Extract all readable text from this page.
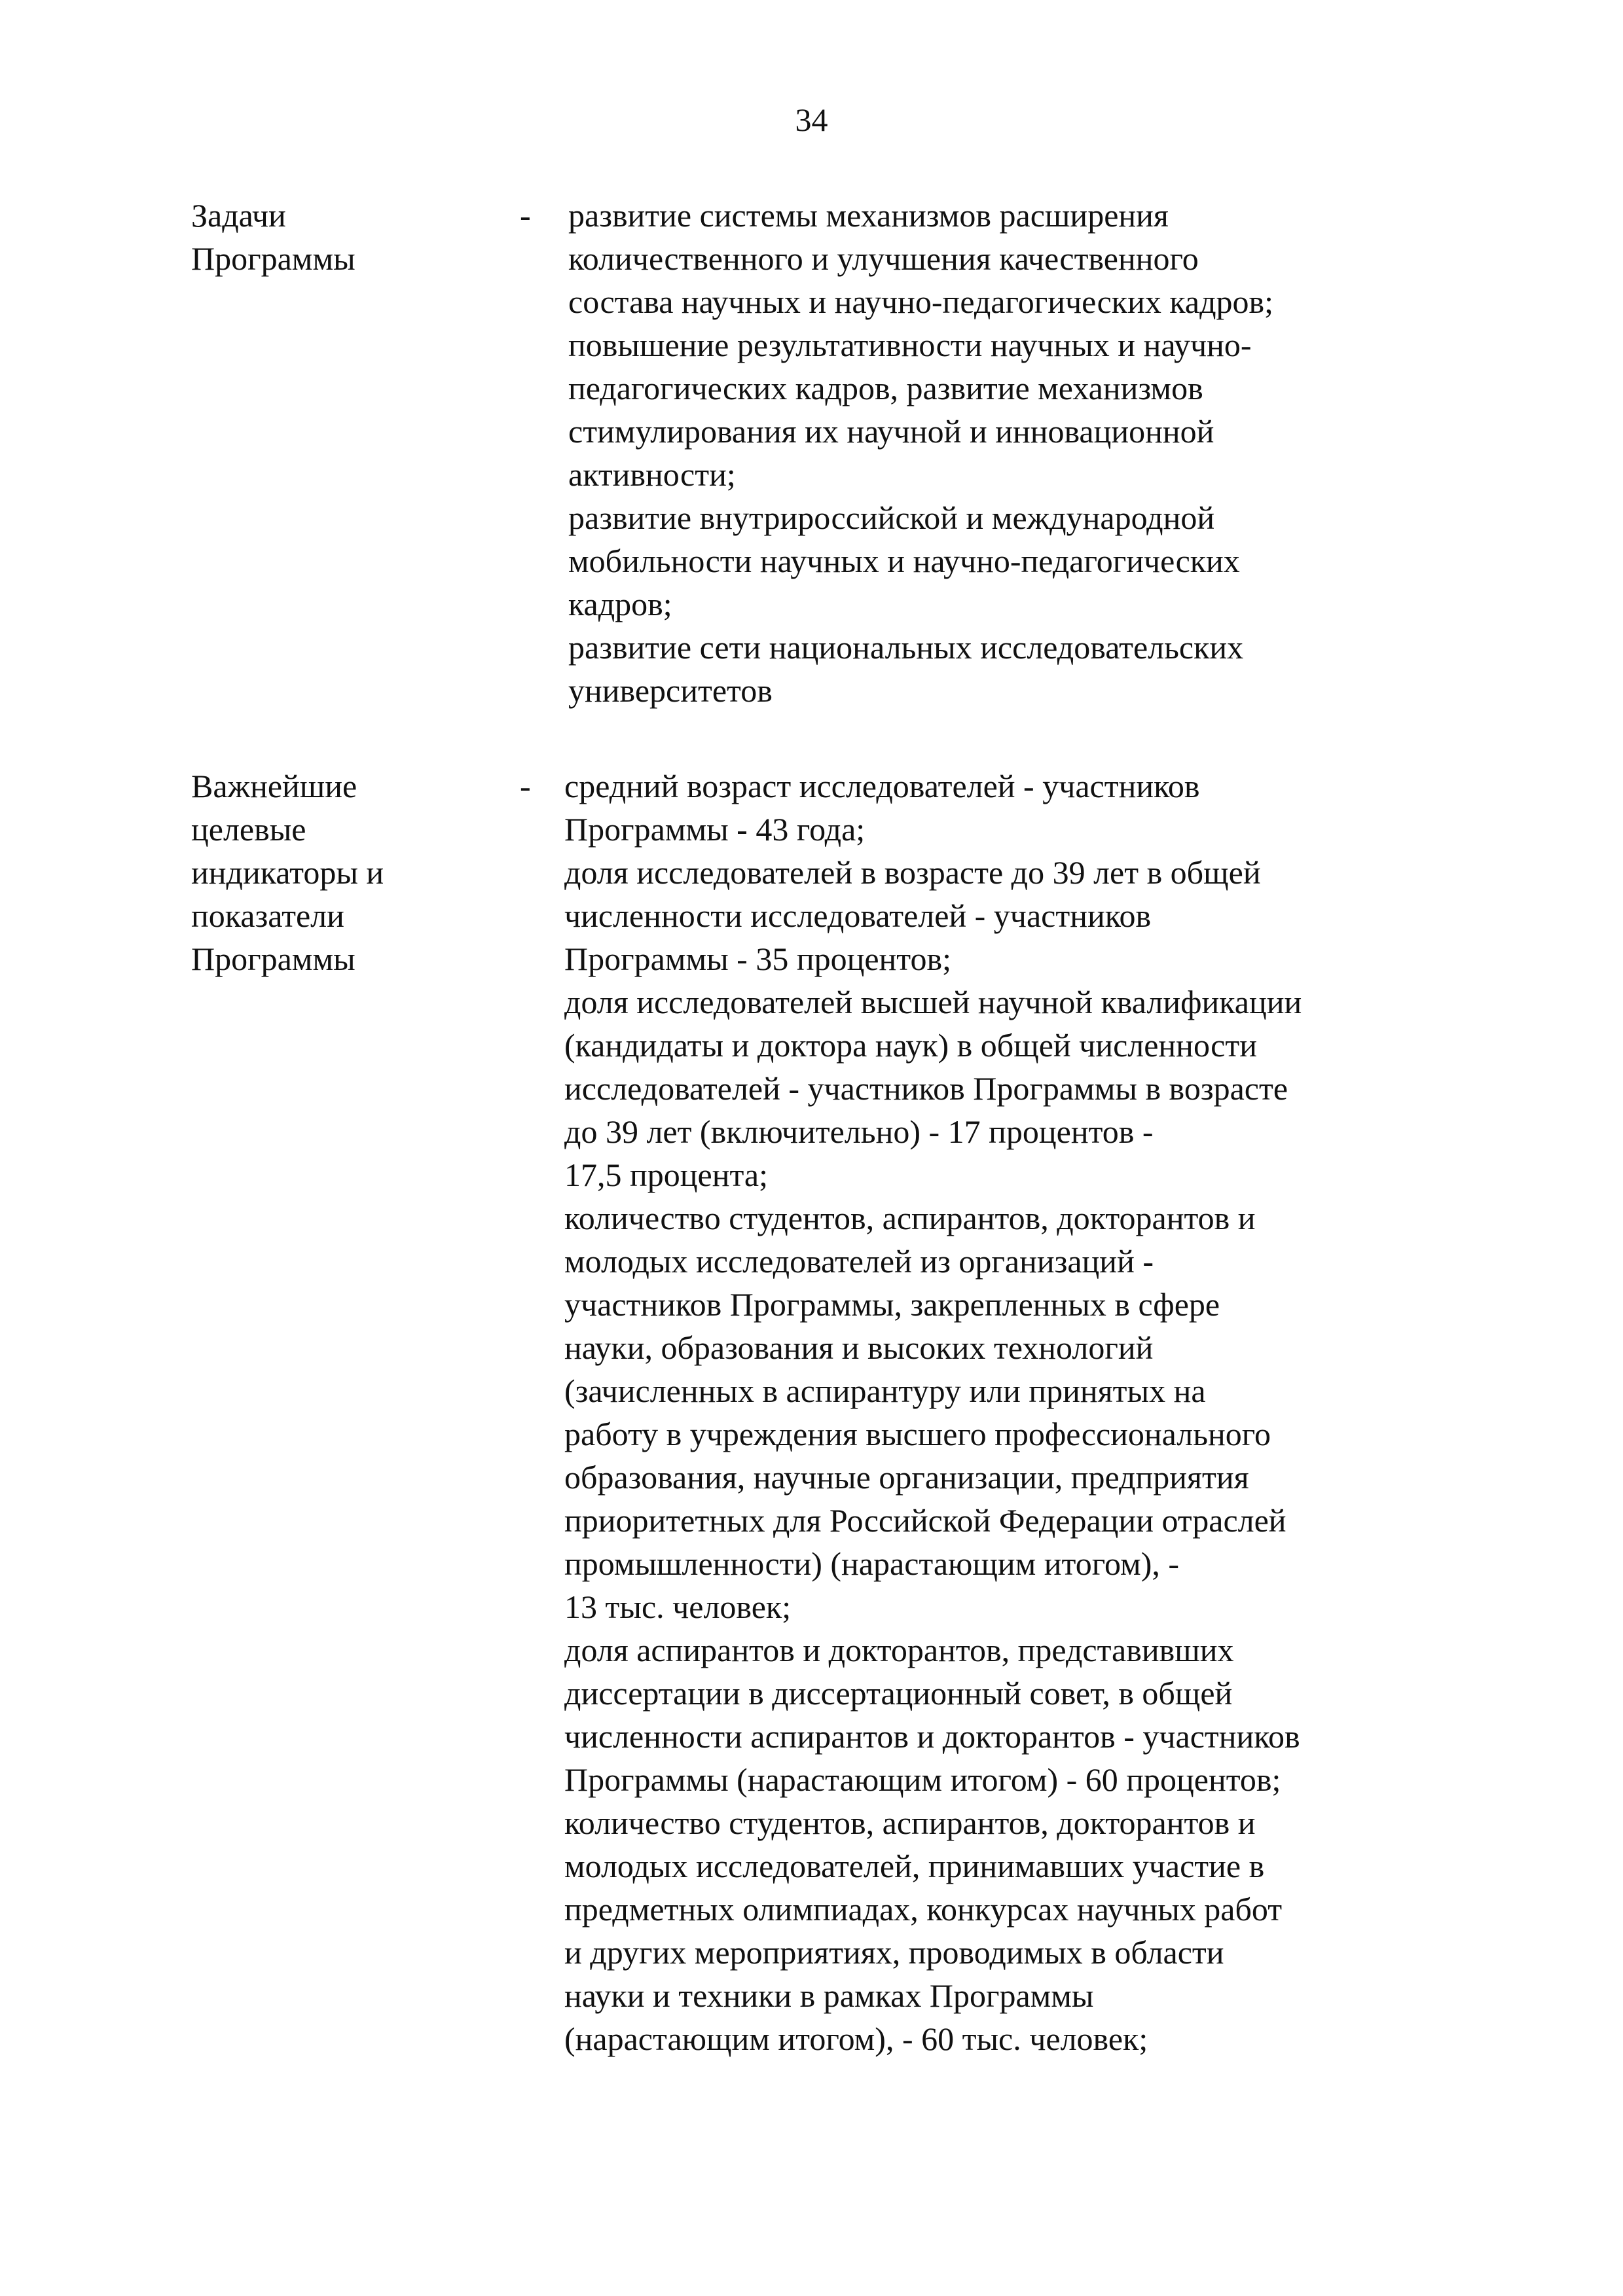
34
Задачи
Программы
- развитие системы механизмов расширения
количественного и улучшения качественного
состава научных и научно-педагогических кадров;
повышение результативности научных и научно-
педагогических кадров, развитие механизмов
стимулирования их научной и инновационной
активности;
развитие внутрироссийской и международной
мобильности научных и научно-педагогических
кадров;
развитие сети национальных исследовательских
университетов
Важнейшие
целевые
индикаторы и
показатели
Программы
- средний возраст исследователей - участников
Программы - 43 года;
доля исследователей в возрасте до 39 лет в общей
численности исследователей - участников
Программы - 35 процентов;
доля исследователей высшей научной квалификации
(кандидаты и доктора наук) в общей численности
исследователей - участников Программы в возрасте
до 39 лет (включительно) - 17 процентов -
17,5 процента;
количество студентов, аспирантов, докторантов и
молодых исследователей из организаций -
участников Программы, закрепленных в сфере
науки, образования и высоких технологий
(зачисленных в аспирантуру или принятых на
работу в учреждения высшего профессионального
образования, научные организации, предприятия
приоритетных для Российской Федерации отраслей
промышленности) (нарастающим итогом), -
13 тыс. человек;
доля аспирантов и докторантов, представивших
диссертации в диссертационный совет, в общей
численности аспирантов и докторантов - участников
Программы (нарастающим итогом) - 60 процентов;
количество студентов, аспирантов, докторантов и
молодых исследователей, принимавших участие в
предметных олимпиадах, конкурсах научных работ
и других мероприятиях, проводимых в области
науки и техники в рамках Программы
(нарастающим итогом), - 60 тыс. человек;
